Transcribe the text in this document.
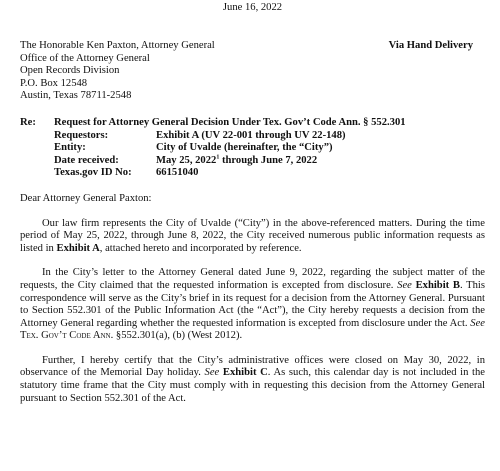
June 16, 2022
The Honorable Ken Paxton, Attorney General
Office of the Attorney General
Open Records Division
P.O. Box 12548
Austin, Texas 78711-2548
Via Hand Delivery
Re:	Request for Attorney General Decision Under Tex. Gov’t Code Ann. § 552.301
Requestors:	Exhibit A (UV 22-001 through UV 22-148)
Entity:	City of Uvalde (hereinafter, the “City”)
Date received:	May 25, 2022$^1$ through June 7, 2022
Texas.gov ID No:	66151040
Dear Attorney General Paxton:

Our law firm represents the City of Uvalde (“City”) in the above-referenced matters. During the time period of May 25, 2022, through June 8, 2022, the City received numerous public information requests as listed in Exhibit A, attached hereto and incorporated by reference.

In the City’s letter to the Attorney General dated June 9, 2022, regarding the subject matter of the requests, the City claimed that the requested information is excepted from disclosure. See Exhibit B. This correspondence will serve as the City’s brief in its request for a decision from the Attorney General. Pursuant to Section 552.301 of the Public Information Act (the “Act”), the City hereby requests a decision from the Attorney General regarding whether the requested information is excepted from disclosure under the Act. See Tex. Gov’t Code Ann. §552.301(a), (b) (West 2012).

Further, I hereby certify that the City’s administrative offices were closed on May 30, 2022, in observance of the Memorial Day holiday. See Exhibit C. As such, this calendar day is not included in the statutory time frame that the City must comply with in requesting this decision from the Attorney General pursuant to Section 552.301 of the Act.
